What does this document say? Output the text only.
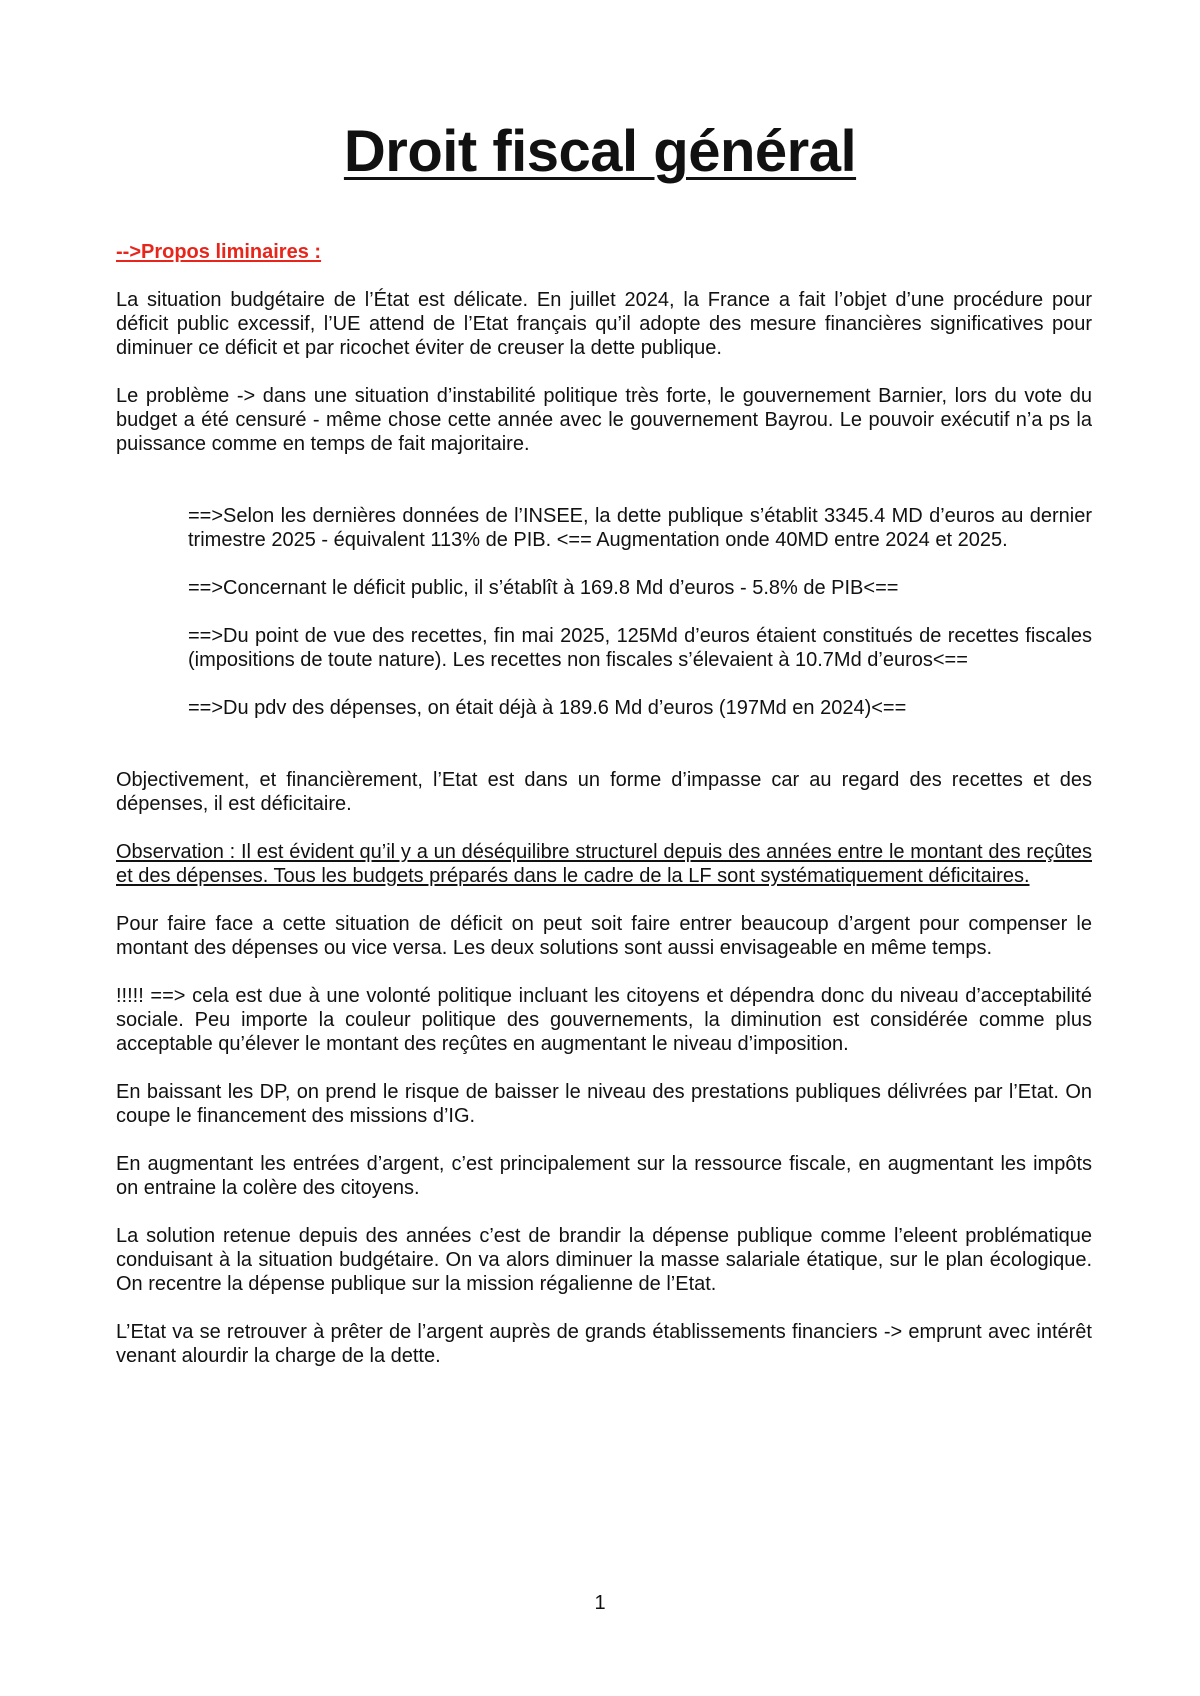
Droit fiscal général

-->Propos liminaires :

La situation budgétaire de l’État est délicate. En juillet 2024, la France a fait l’objet d’une procédure pour déficit public excessif, l’UE attend de l’Etat français qu’il adopte des mesure financières significatives pour diminuer ce déficit et par ricochet éviter de creuser la dette publique.

Le problème -> dans une situation d’instabilité politique très forte, le gouvernement Barnier, lors du vote du budget a été censuré - même chose cette année avec le gouvernement Bayrou. Le pouvoir exécutif n’a ps la puissance comme en temps de fait majoritaire.

==>Selon les dernières données de l’INSEE, la dette publique s’établit 3345.4 MD d’euros au dernier trimestre 2025 - équivalent 113% de PIB. <== Augmentation onde 40MD entre 2024 et 2025.

==>Concernant le déficit public, il s’établît à 169.8 Md d’euros - 5.8% de PIB<==

==>Du point de vue des recettes, fin mai 2025, 125Md d’euros étaient constitués de recettes fiscales (impositions de toute nature). Les recettes non fiscales s’élevaient à 10.7Md d’euros<==

==>Du pdv des dépenses, on était déjà à 189.6 Md d’euros (197Md en 2024)<==

Objectivement, et financièrement, l’Etat est dans un forme d’impasse car au regard des recettes et des dépenses, il est déficitaire.

Observation : Il est évident qu’il y a un déséquilibre structurel depuis des années entre le montant des reçûtes et des dépenses. Tous les budgets préparés dans le cadre de la LF sont systématiquement déficitaires.

Pour faire face a cette situation de déficit on peut soit faire entrer beaucoup d’argent pour compenser le montant des dépenses ou vice versa. Les deux solutions sont aussi envisageable en même temps.

!!!!! ==> cela est due à une volonté politique incluant les citoyens et dépendra donc du niveau d’acceptabilité sociale. Peu importe la couleur politique des gouvernements, la diminution est considérée comme plus acceptable qu’élever le montant des reçûtes en augmentant le niveau d’imposition.

En baissant les DP, on prend le risque de baisser le niveau des prestations publiques délivrées par l’Etat. On coupe le financement des missions d’IG.

En augmentant les entrées d’argent, c’est principalement sur la ressource fiscale, en augmentant les impôts on entraine la colère des citoyens.

La solution retenue depuis des années c’est de brandir la dépense publique comme l’eleent problématique conduisant à la situation budgétaire. On va alors diminuer la masse salariale étatique, sur le plan écologique. On recentre la dépense publique sur la mission régalienne de l’Etat.

L’Etat va se retrouver à prêter de l’argent auprès de grands établissements financiers -> emprunt avec intérêt venant alourdir la charge de la dette.

1
